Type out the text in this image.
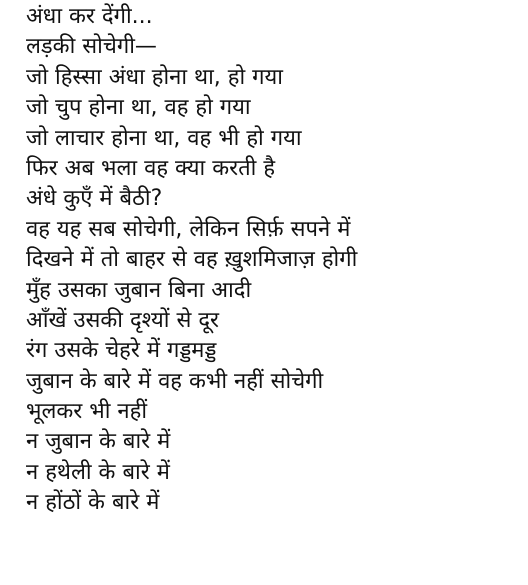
अंधा कर देंगी...
लड़की सोचेगी—
जो हिस्सा अंधा होना था, हो गया
जो चुप होना था, वह हो गया
जो लाचार होना था, वह भी हो गया
फिर अब भला वह क्या करती है
अंधे कुएँ में बैठी?
वह यह सब सोचेगी, लेकिन सिर्फ़ सपने में
दिखने में तो बाहर से वह ख़ुशमिजाज़ होगी
मुँह उसका जुबान बिना आदी
आँखें उसकी दृश्यों से दूर
रंग उसके चेहरे में गड्डमड्ड
जुबान के बारे में वह कभी नहीं सोचेगी
भूलकर भी नहीं
न जुबान के बारे में
न हथेली के बारे में
न होंठों के बारे में
